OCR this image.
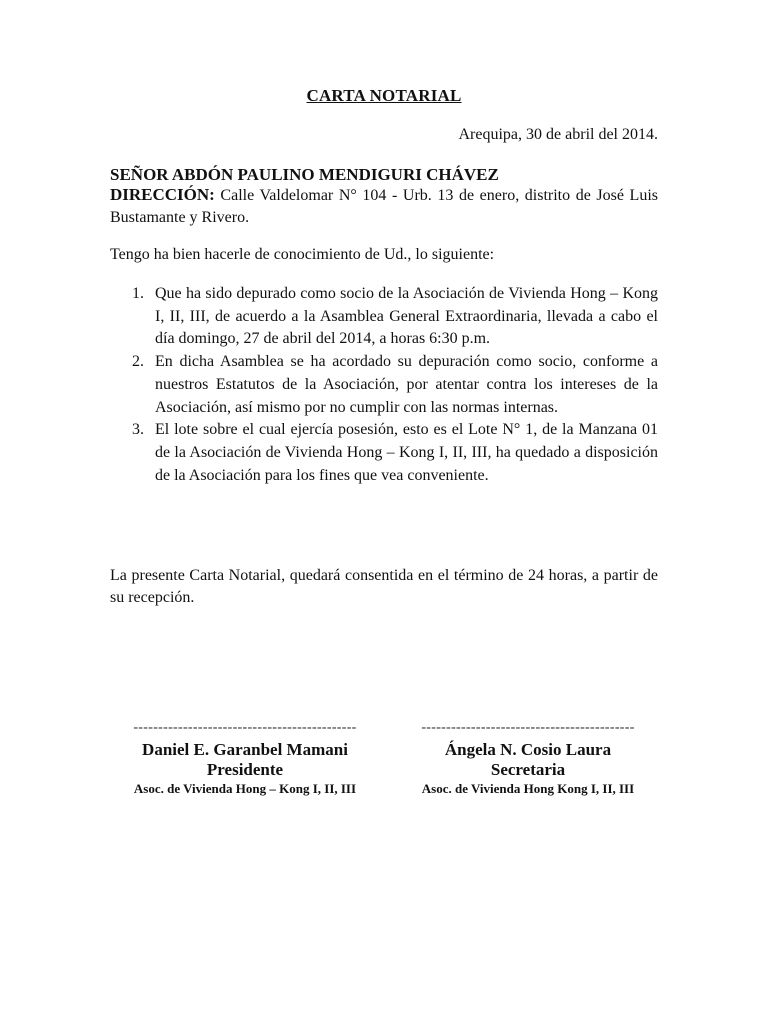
CARTA NOTARIAL
Arequipa, 30 de abril del 2014.
SEÑOR ABDÓN PAULINO MENDIGURI CHÁVEZ
DIRECCIÓN: Calle Valdelomar N° 104 - Urb. 13 de enero, distrito de José Luis Bustamante y Rivero.
Tengo ha bien hacerle de conocimiento de Ud., lo siguiente:
1. Que ha sido depurado como socio de la Asociación de Vivienda Hong – Kong I, II, III, de acuerdo a la Asamblea General Extraordinaria, llevada a cabo el día domingo, 27 de abril del 2014, a horas 6:30 p.m.
2. En dicha Asamblea se ha acordado su depuración como socio, conforme a nuestros Estatutos de la Asociación, por atentar contra los intereses de la Asociación, así mismo por no cumplir con las normas internas.
3. El lote sobre el cual ejercía posesión, esto es el Lote N° 1, de la Manzana 01 de la Asociación de Vivienda Hong – Kong I, II, III, ha quedado a disposición de la Asociación para los fines que vea conveniente.
La presente Carta Notarial, quedará consentida en el término de 24 horas, a partir de su recepción.
---------------------------------------------
Daniel E. Garanbel Mamani
Presidente
Asoc. de Vivienda Hong – Kong I, II, III
-------------------------------------------
Ángela N. Cosio Laura
Secretaria
Asoc. de Vivienda Hong Kong I, II, III
